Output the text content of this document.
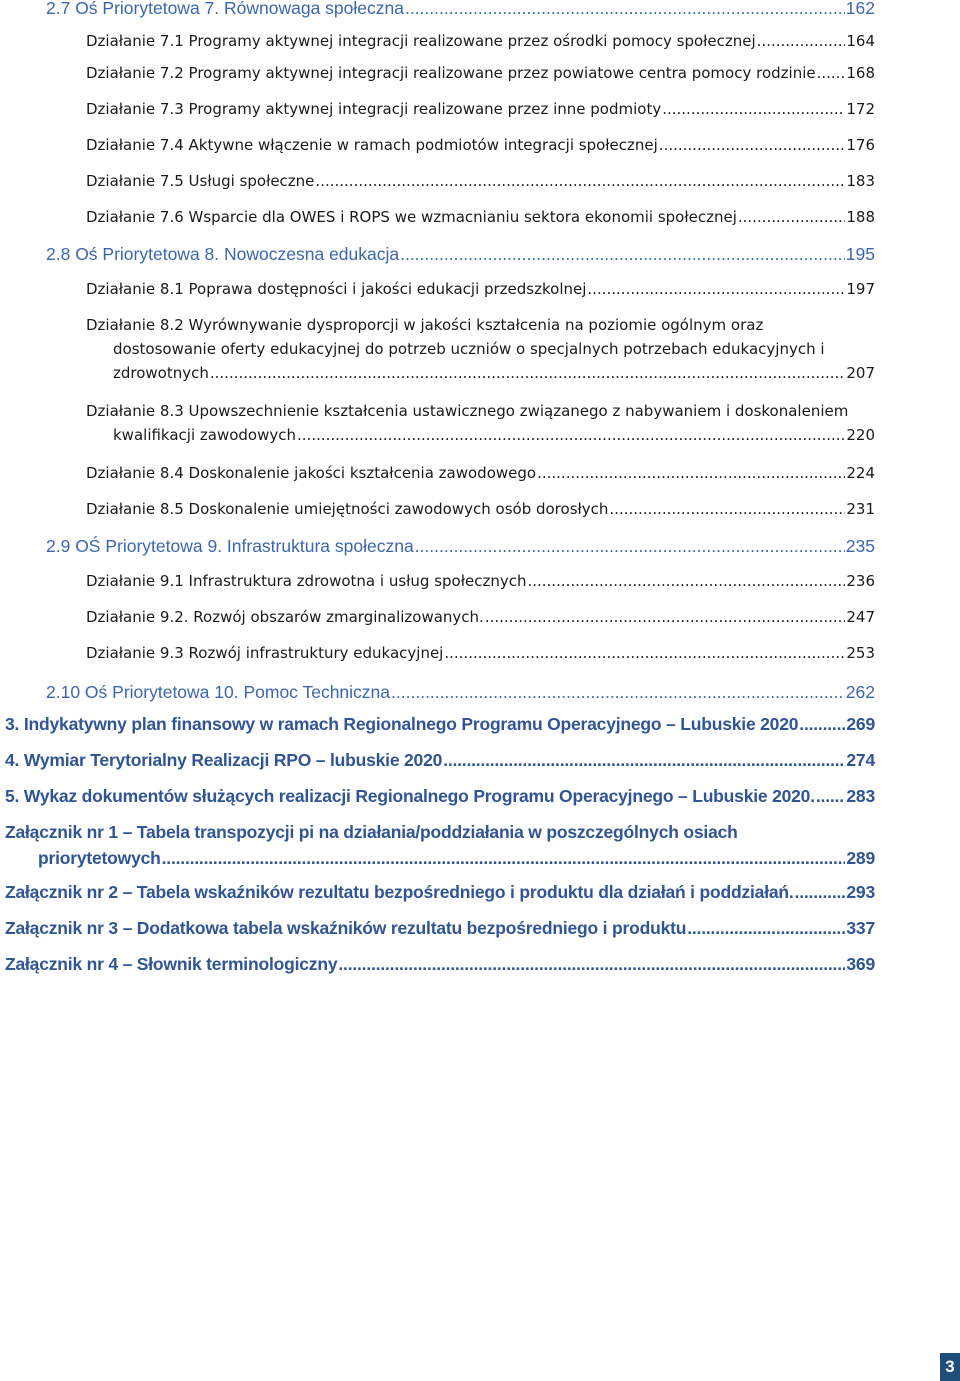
2.7 Oś Priorytetowa 7. Równowaga społeczna .....	162
Działanie 7.1 Programy aktywnej integracji realizowane przez ośrodki pomocy społecznej .....	164
Działanie 7.2 Programy aktywnej integracji realizowane przez powiatowe centra pomocy rodzinie ..... 168
Działanie 7.3 Programy aktywnej integracji realizowane przez inne podmioty .....	172
Działanie 7.4 Aktywne włączenie w ramach podmiotów integracji społecznej .....	176
Działanie 7.5 Usługi społeczne .....	183
Działanie 7.6 Wsparcie dla OWES i ROPS we wzmacnianiu sektora ekonomii społecznej .....	188
2.8 Oś Priorytetowa 8. Nowoczesna edukacja .....	195
Działanie 8.1 Poprawa dostępności i jakości edukacji przedszkolnej .....	197
Działanie 8.2 Wyrównywanie dysproporcji w jakości kształcenia na poziomie ogólnym oraz
dostosowanie oferty edukacyjnej do potrzeb uczniów o specjalnych potrzebach edukacyjnych i
zdrowotnych .....	207
Działanie 8.3 Upowszechnienie kształcenia ustawicznego związanego z nabywaniem i doskonaleniem
kwalifikacji zawodowych .....	220
Działanie 8.4 Doskonalenie jakości kształcenia zawodowego .....	224
Działanie 8.5 Doskonalenie umiejętności zawodowych osób dorosłych .....	231
2.9 OŚ Priorytetowa 9. Infrastruktura społeczna .....	235
Działanie 9.1 Infrastruktura zdrowotna i usług społecznych .....	236
Działanie 9.2. Rozwój obszarów zmarginalizowanych. .....	247
Działanie 9.3 Rozwój infrastruktury edukacyjnej .....	253
2.10 Oś Priorytetowa 10. Pomoc Techniczna .....	262
3. Indykatywny plan finansowy w ramach Regionalnego Programu Operacyjnego – Lubuskie 2020 .....	269
4. Wymiar Terytorialny Realizacji RPO – lubuskie 2020 .....	274
5. Wykaz dokumentów służących realizacji Regionalnego Programu Operacyjnego – Lubuskie 2020. ..... 283
Załącznik nr 1 – Tabela transpozycji pi na działania/poddziałania w poszczególnych osiach
priorytetowych .....	289
Załącznik nr 2 – Tabela wskaźników rezultatu bezpośredniego i produktu dla działań i poddziałań. .....	293
Załącznik nr 3 – Dodatkowa tabela wskaźników rezultatu bezpośredniego i produktu .....	337
Załącznik nr 4 – Słownik terminologiczny .....	369
3
